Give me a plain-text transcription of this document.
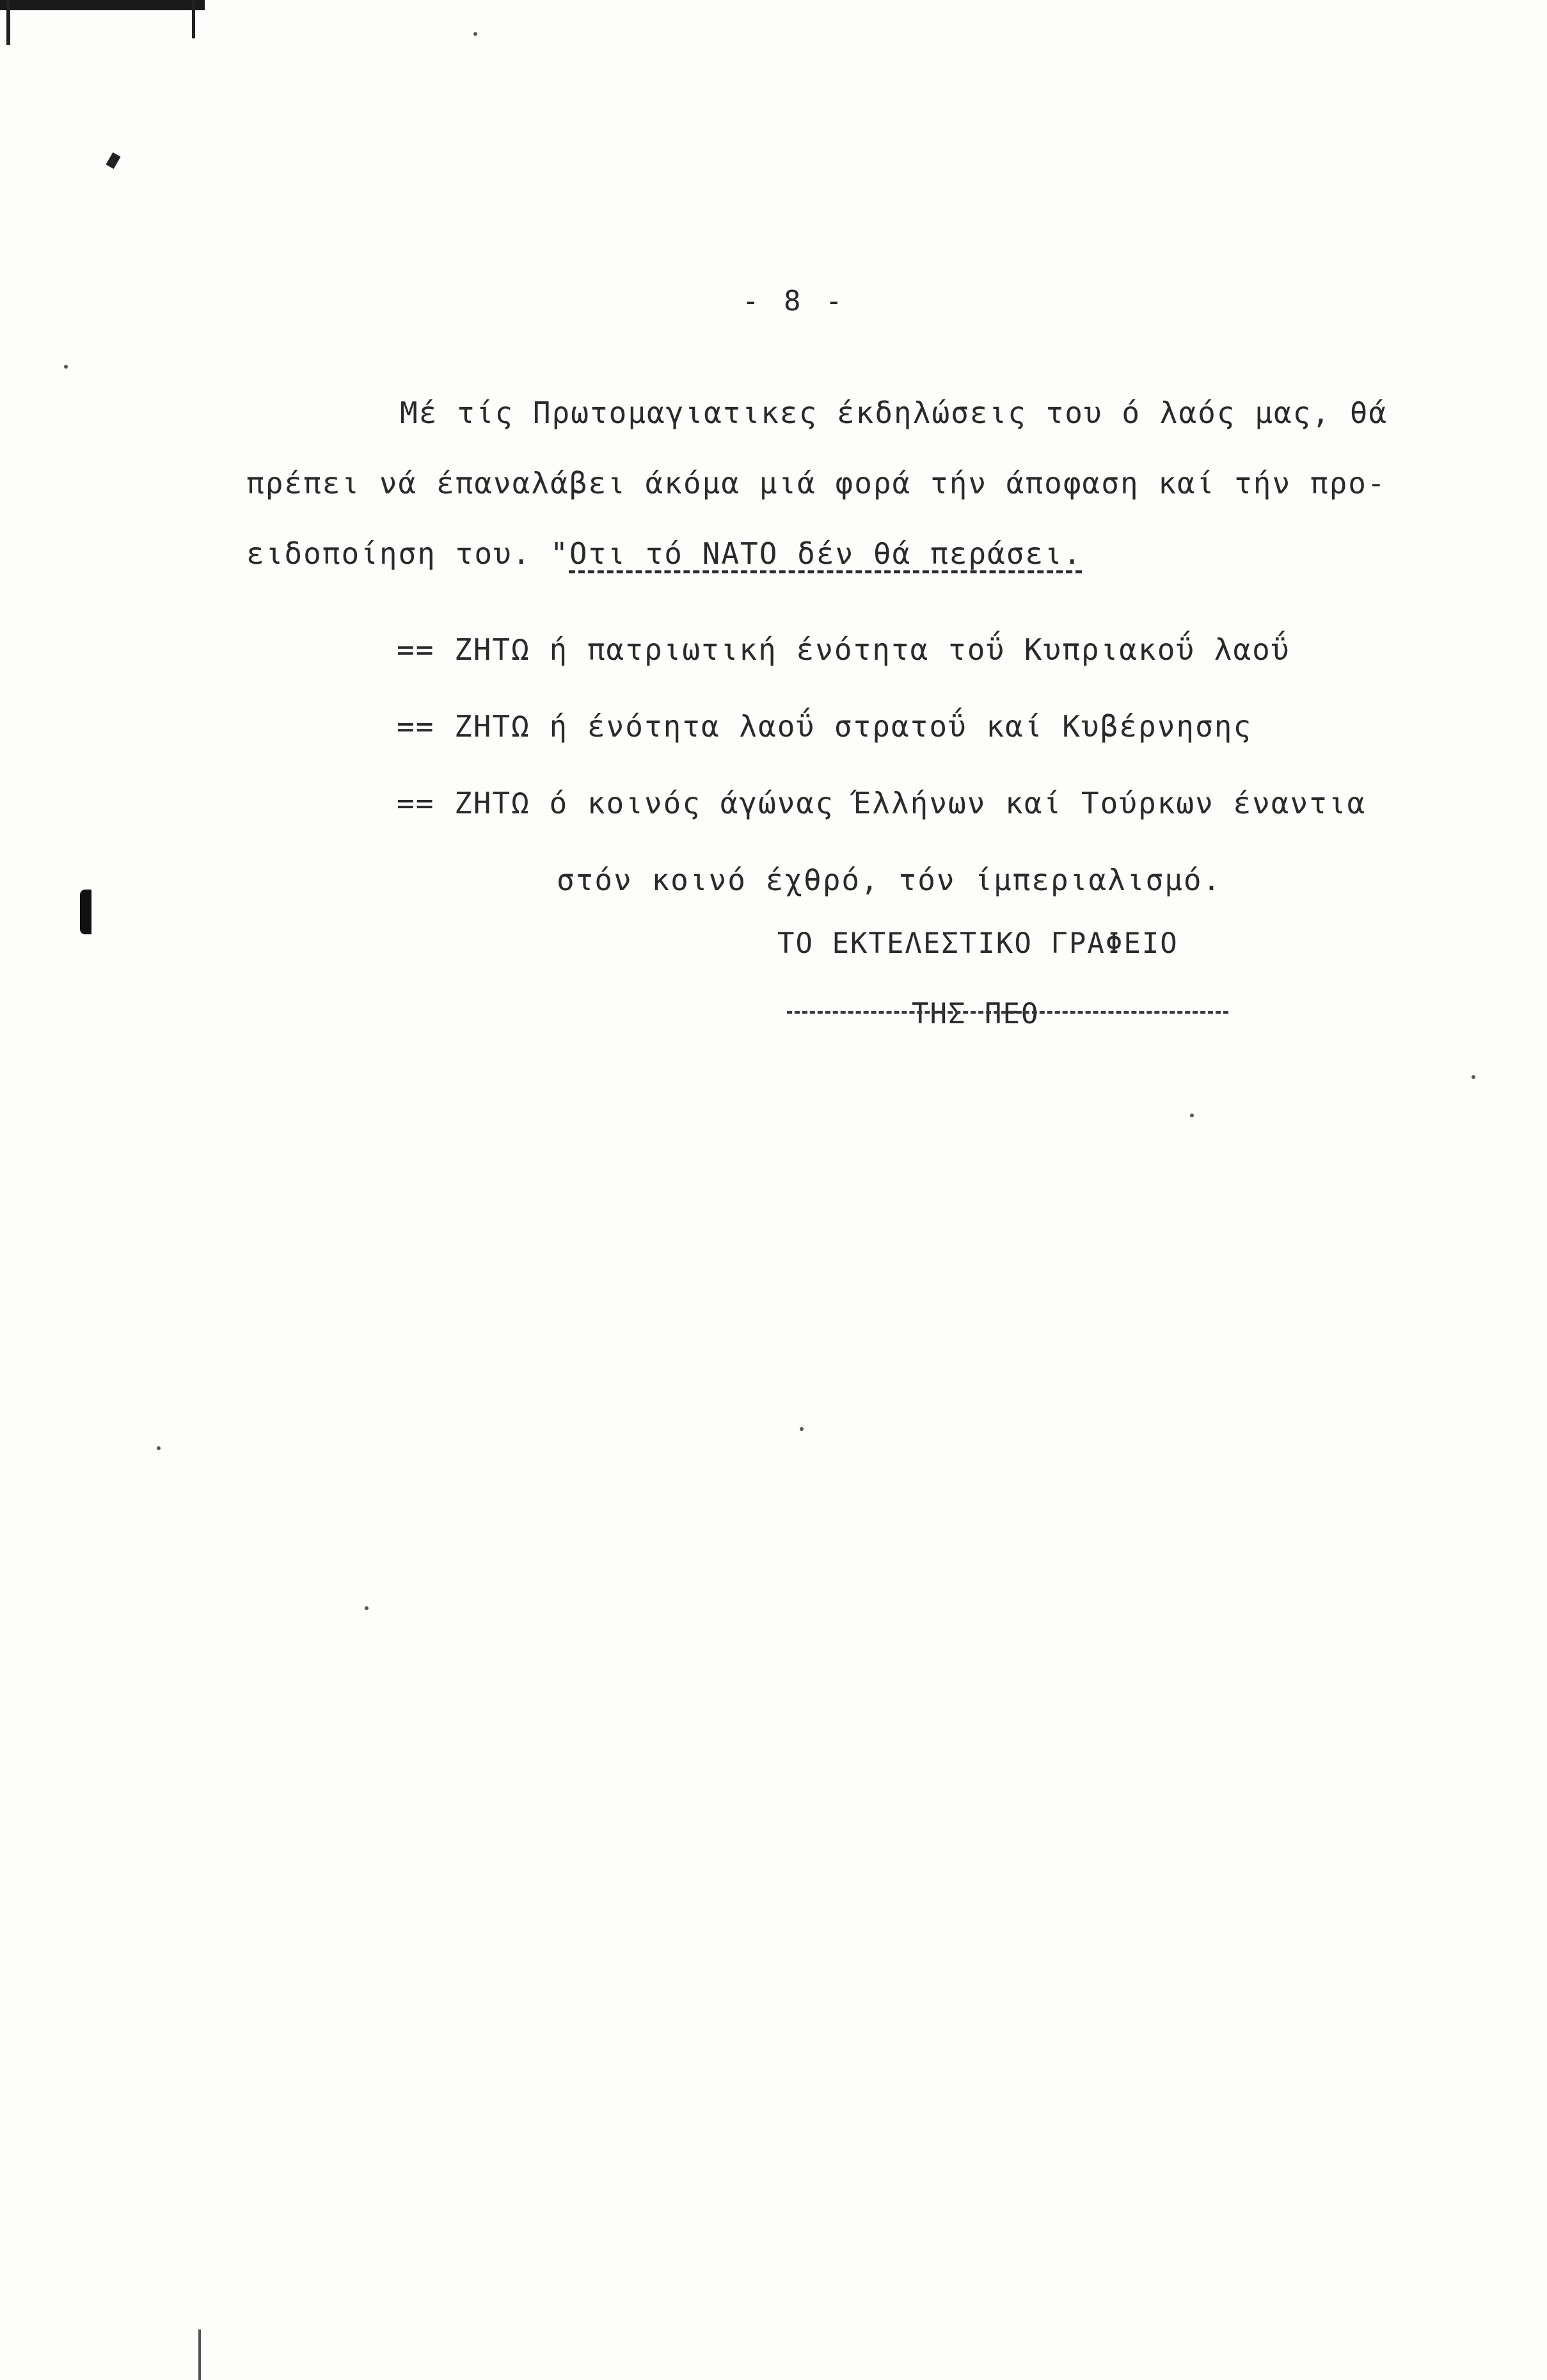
- 8 -
Μέ τίς Πρωτομαγιατικες έκδηλώσεις του ό λαός μας, θά
πρέπει νά έπαναλάβει άκόμα μιά φορά τήν άποφαση καί τήν προ-
ειδοποίηση του. "Οτι τό ΝΑΤΟ δέν θά περάσει.
== ΖΗΤΩ ή πατριωτική ένότητα τοΰ Κυπριακοΰ λαοΰ
== ΖΗΤΩ ή ένότητα λαοΰ στρατοΰ καί Κυβέρνησης
== ΖΗΤΩ ό κοινός άγώνας Έλλήνων καί Τούρκων έναντια
στόν κοινό έχθρό, τόν ίμπεριαλισμό.
ΤΟ ΕΚΤΕΛΕΣΤΙΚΟ ΓΡΑΦΕΙΟ
ΤΗΣ ΠΕΟ
